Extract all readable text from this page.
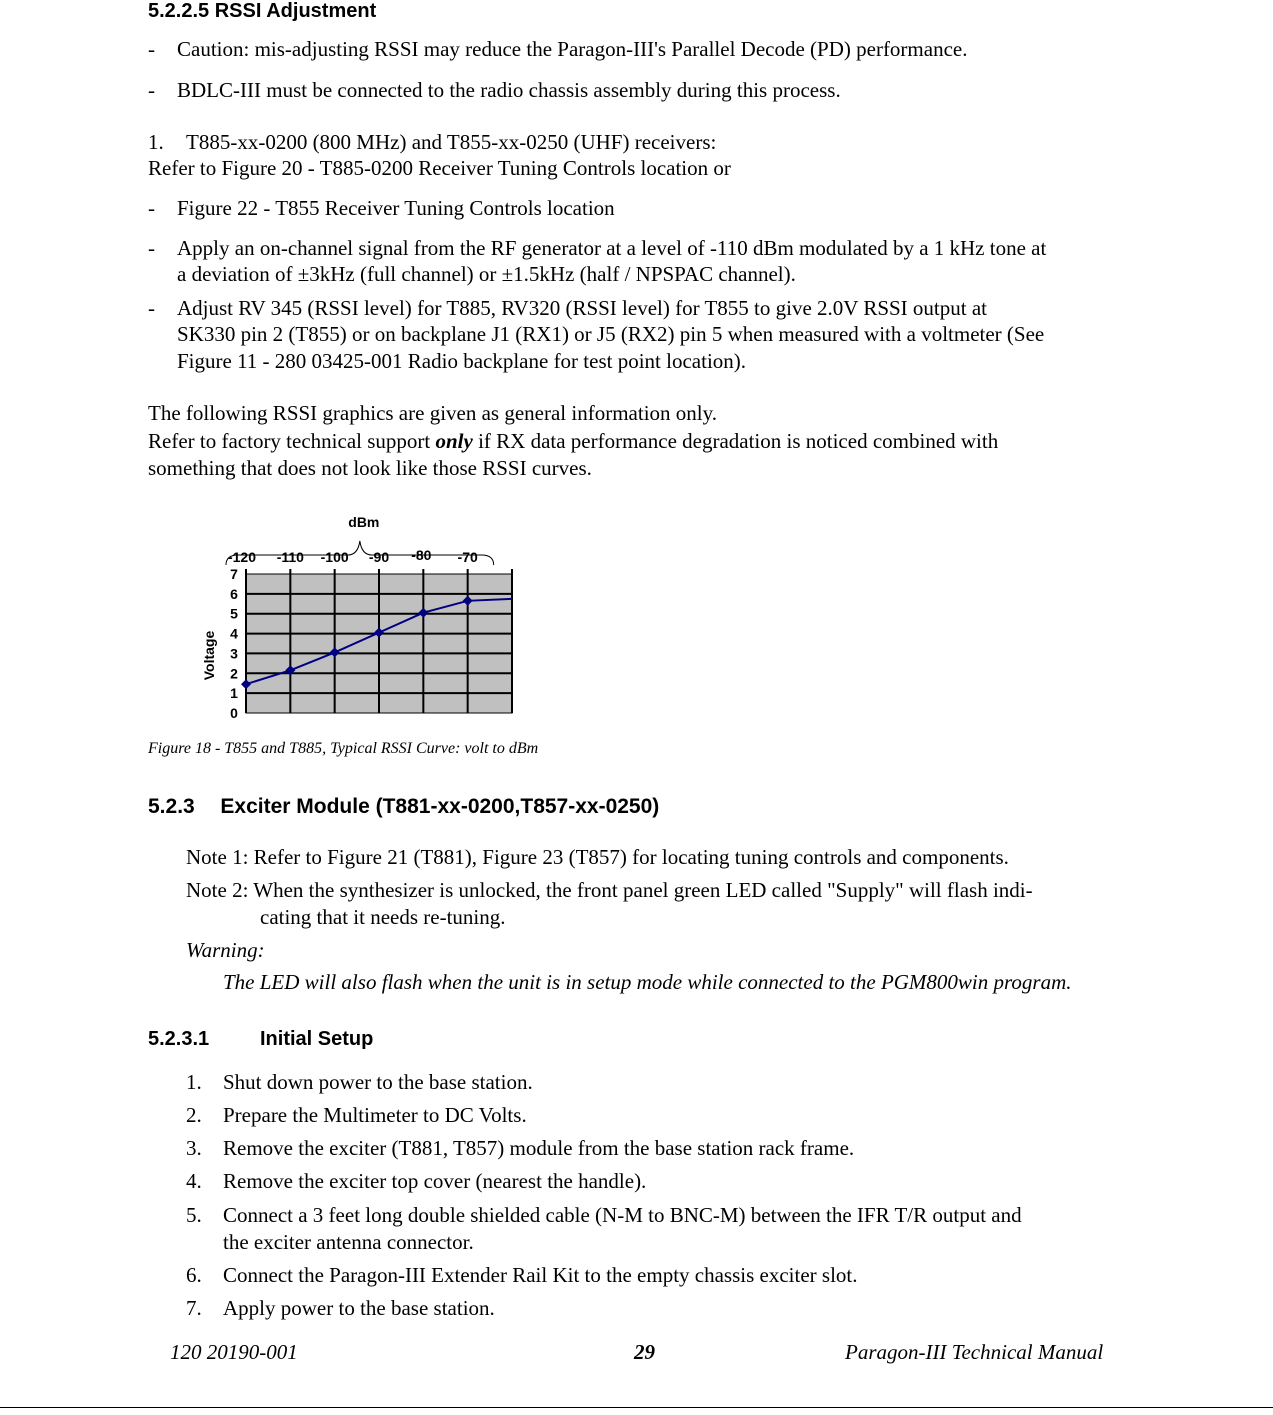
5.2.2.5 RSSI Adjustment
- Caution: mis-adjusting RSSI may reduce the Paragon-III's Parallel Decode (PD) performance.
- BDLC-III must be connected to the radio chassis assembly during this process.
1. T885-xx-0200 (800 MHz) and T855-xx-0250 (UHF) receivers:
Refer to Figure 20 - T885-0200 Receiver Tuning Controls location or
- Figure 22 - T855 Receiver Tuning Controls location
- Apply an on-channel signal from the RF generator at a level of -110 dBm modulated by a 1 kHz tone at
a deviation of ±3kHz (full channel) or ±1.5kHz (half / NPSPAC channel).
- Adjust RV 345 (RSSI level) for T885, RV320 (RSSI level) for T855 to give 2.0V RSSI output at
SK330 pin 2 (T855) or on backplane J1 (RX1) or J5 (RX2) pin 5 when measured with a voltmeter (See
Figure 11 - 280 03425-001 Radio backplane for test point location).
The following RSSI graphics are given as general information only.
Refer to factory technical support only if RX data performance degradation is noticed combined with
something that does not look like those RSSI curves.
-120 -110 -100 -90 -80 -70
0
1
2
3
4
5
6
7
Voltage
dBm
Figure 18 - T855 and T885, Typical RSSI Curve: volt to dBm
5.2.3 Exciter Module (T881-xx-0200,T857-xx-0250)
Note 1: Refer to Figure 21 (T881), Figure 23 (T857) for locating tuning controls and components.
Note 2: When the synthesizer is unlocked, the front panel green LED called "Supply" will flash indi-
cating that it needs re-tuning.
Warning:
The LED will also flash when the unit is in setup mode while connected to the PGM800win program.
5.2.3.1	Initial Setup
1. Shut down power to the base station.
2. Prepare the Multimeter to DC Volts.
3. Remove the exciter (T881, T857) module from the base station rack frame.
4. Remove the exciter top cover (nearest the handle).
5. Connect a 3 feet long double shielded cable (N-M to BNC-M) between the IFR T/R output and
the exciter antenna connector.
6. Connect the Paragon-III Extender Rail Kit to the empty chassis exciter slot.
7. Apply power to the base station.
120 20190-001	29	Paragon-III Technical Manual
